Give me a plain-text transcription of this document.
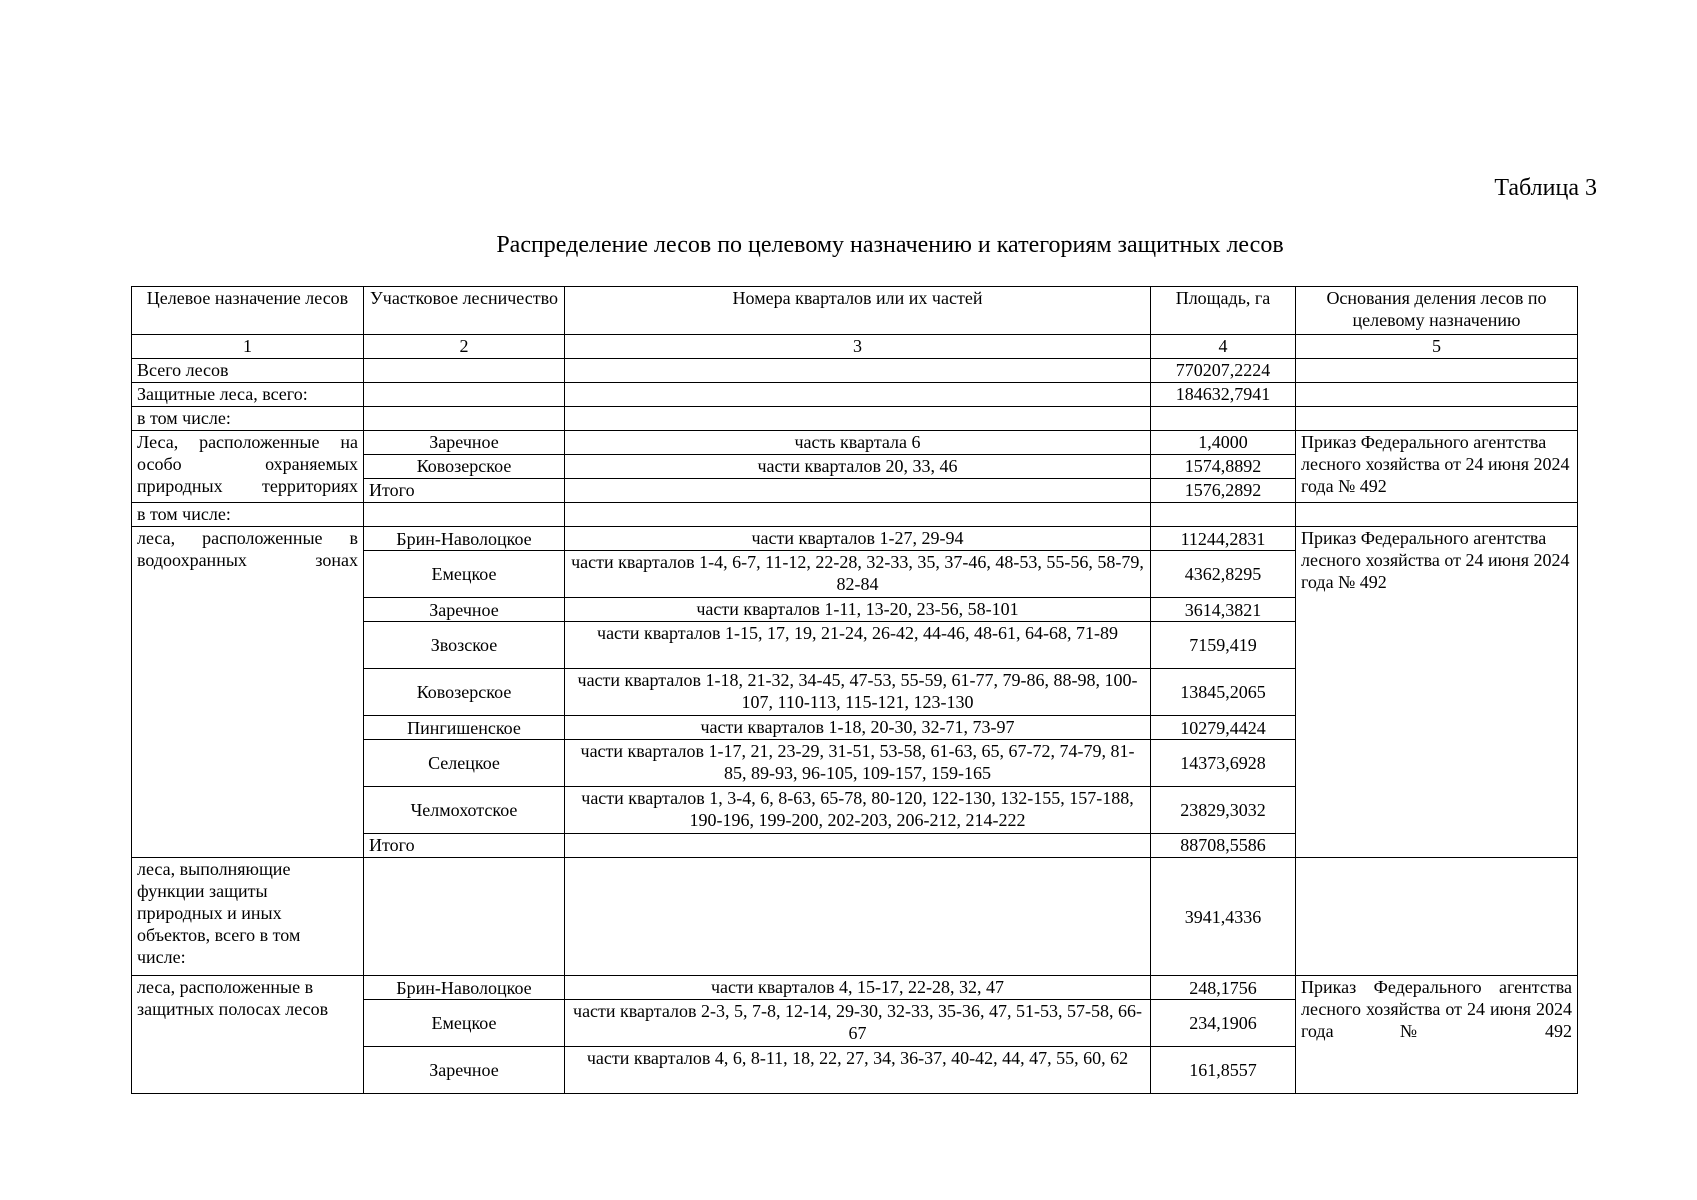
Таблица 3
Распределение лесов по целевому назначению и категориям защитных лесов
Целевое назначение лесов	Участковое лесничество	Номера кварталов или их частей	Площадь, га	Основания деления лесов по целевому назначению
1	2	3	4	5
Всего лесов			770207,2224	
Защитные леса, всего:			184632,7941	
в том числе:				
Леса, расположенные на особо охраняемых природных территориях	Заречное	часть квартала 6	1,4000	Приказ Федерального агентства лесного хозяйства от 24 июня 2024 года № 492
	Ковозерское	части кварталов 20, 33, 46	1574,8892	
	Итого		1576,2892	
в том числе:				

леса, расположенные в водоохранных зонах	Брин-Наволоцкое	части кварталов 1-27, 29-94	11244,2831	Приказ Федерального агентства лесного хозяйства от 24 июня 2024 года № 492
	Емецкое	части кварталов 1-4, 6-7, 11-12, 22-28, 32-33, 35, 37-46, 48-53, 55-56, 58-79, 82-84	4362,8295	
	Заречное	части кварталов 1-11, 13-20, 23-56, 58-101	3614,3821	
	Звозское	части кварталов 1-15, 17, 19, 21-24, 26-42, 44-46, 48-61, 64-68, 71-89	7159,419	
	Ковозерское	части кварталов 1-18, 21-32, 34-45, 47-53, 55-59, 61-77, 79-86, 88-98, 100-107, 110-113, 115-121, 123-130	13845,2065	
	Пингишенское	части кварталов 1-18, 20-30, 32-71, 73-97	10279,4424	
	Селецкое	части кварталов 1-17, 21, 23-29, 31-51, 53-58, 61-63, 65, 67-72, 74-79, 81-85, 89-93, 96-105, 109-157, 159-165	14373,6928	
	Челмохотское	части кварталов 1, 3-4, 6, 8-63, 65-78, 80-120, 122-130, 132-155, 157-188, 190-196, 199-200, 202-203, 206-212, 214-222	23829,3032	
	Итого		88708,5586	
леса, выполняющие функции защиты природных и иных объектов, всего в том числе:			3941,4336	
леса, расположенные в защитных полосах лесов	Брин-Наволоцкое	части кварталов 4, 15-17, 22-28, 32, 47	248,1756	Приказ Федерального агентства лесного хозяйства от 24 июня 2024 года № 492
	Емецкое	части кварталов 2-3, 5, 7-8, 12-14, 29-30, 32-33, 35-36, 47, 51-53, 57-58, 66-67	234,1906	
	Заречное	части кварталов 4, 6, 8-11, 18, 22, 27, 34, 36-37, 40-42, 44, 47, 55, 60, 62	161,8557	
